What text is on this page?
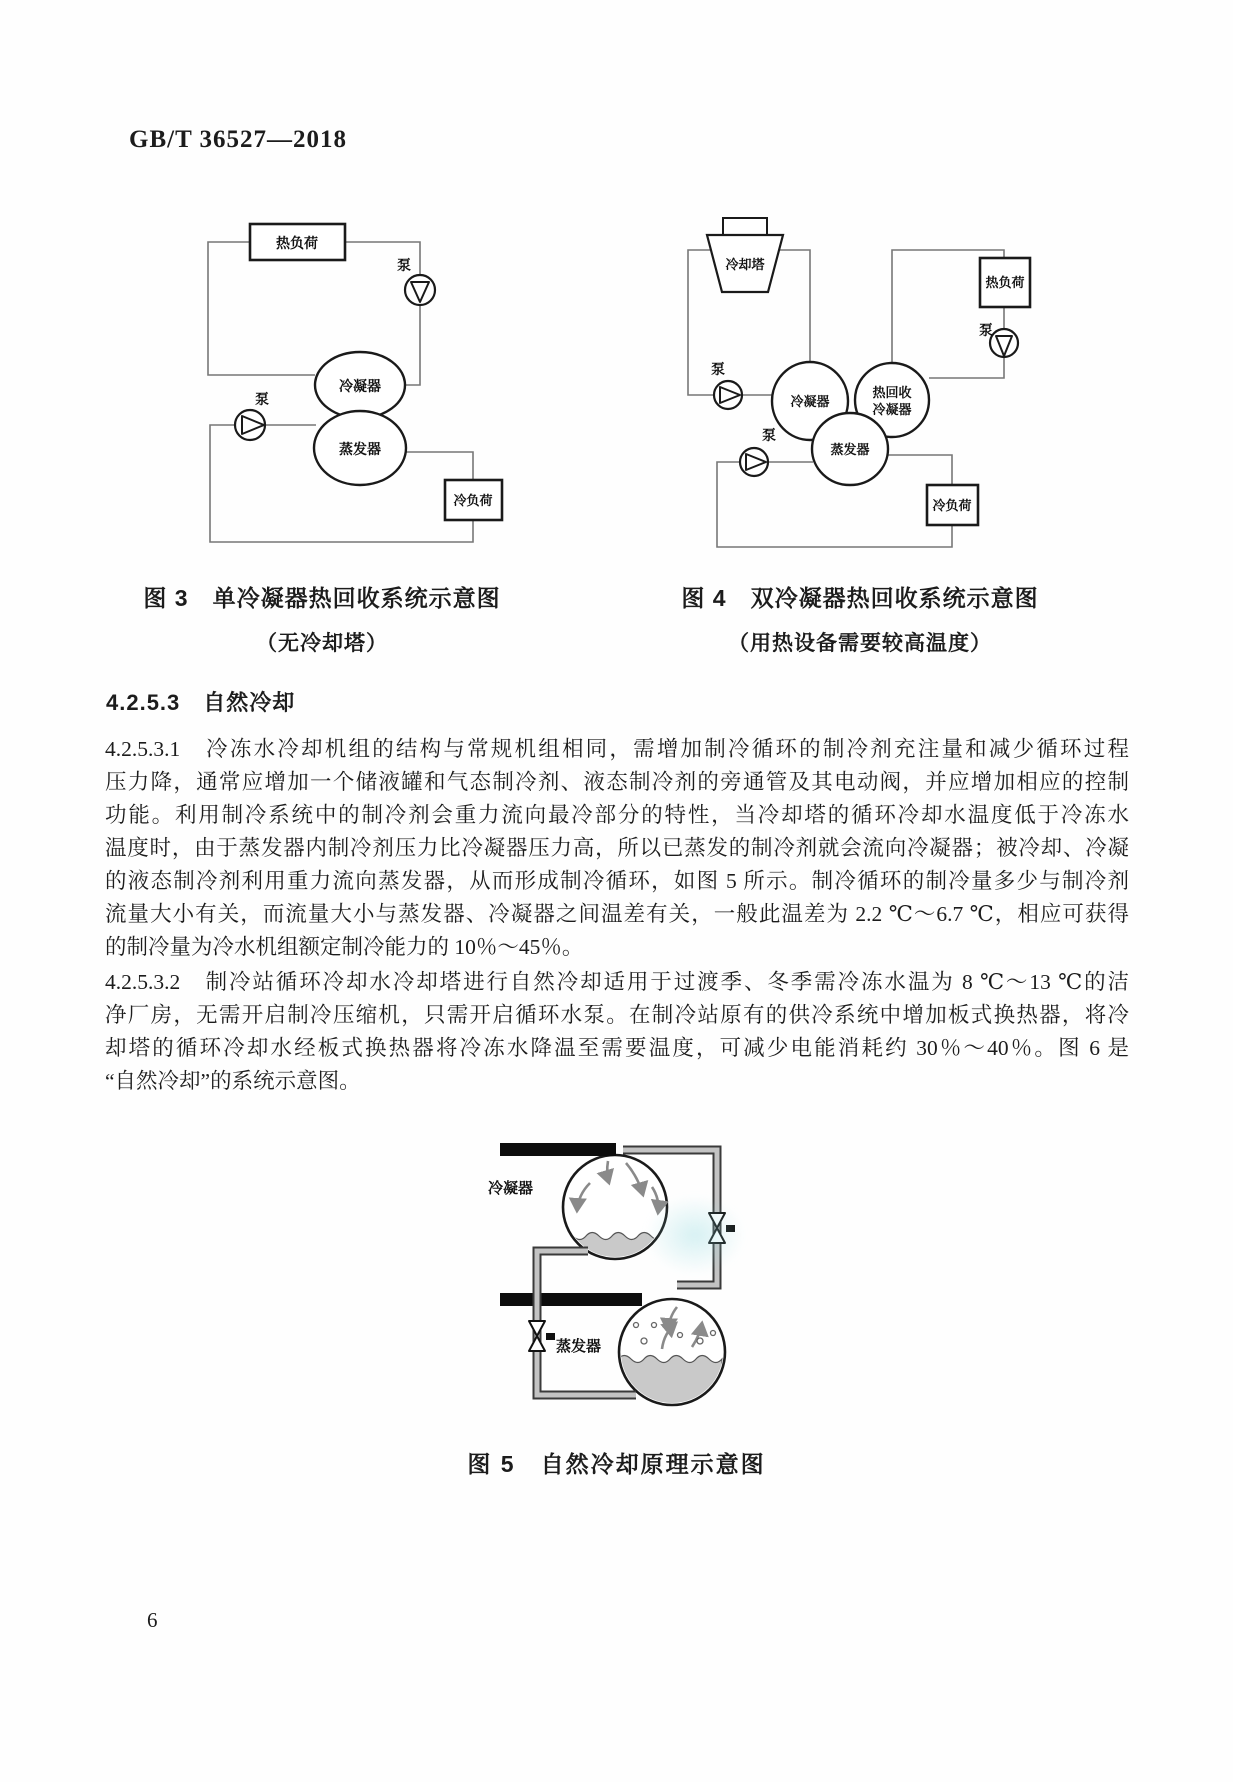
GB/T 36527—2018
热负荷
泵
冷凝器
蒸发器
泵
冷负荷
冷却塔
泵
冷凝器
热回收
冷凝器
蒸发器
泵
热负荷
泵
冷负荷
图 3　单冷凝器热回收系统示意图
（无冷却塔）
图 4　双冷凝器热回收系统示意图
（用热设备需要较高温度）
4.2.5.3　自然冷却
4.2.5.3.1　冷冻水冷却机组的结构与常规机组相同，需增加制冷循环的制冷剂充注量和减少循环过程
压力降，通常应增加一个储液罐和气态制冷剂、液态制冷剂的旁通管及其电动阀，并应增加相应的控制
功能。利用制冷系统中的制冷剂会重力流向最冷部分的特性，当冷却塔的循环冷却水温度低于冷冻水
温度时，由于蒸发器内制冷剂压力比冷凝器压力高，所以已蒸发的制冷剂就会流向冷凝器；被冷却、冷凝
的液态制冷剂利用重力流向蒸发器，从而形成制冷循环，如图 5 所示。制冷循环的制冷量多少与制冷剂
流量大小有关，而流量大小与蒸发器、冷凝器之间温差有关，一般此温差为 2.2 ℃～6.7 ℃，相应可获得
的制冷量为冷水机组额定制冷能力的 10％～45％。
4.2.5.3.2　制冷站循环冷却水冷却塔进行自然冷却适用于过渡季、冬季需冷冻水温为 8 ℃～13 ℃的洁
净厂房，无需开启制冷压缩机，只需开启循环水泵。在制冷站原有的供冷系统中增加板式换热器，将冷
却塔的循环冷却水经板式换热器将冷冻水降温至需要温度，可减少电能消耗约 30％～40％。图 6 是
“自然冷却”的系统示意图。
冷凝器
蒸发器
图 5　自然冷却原理示意图
6
